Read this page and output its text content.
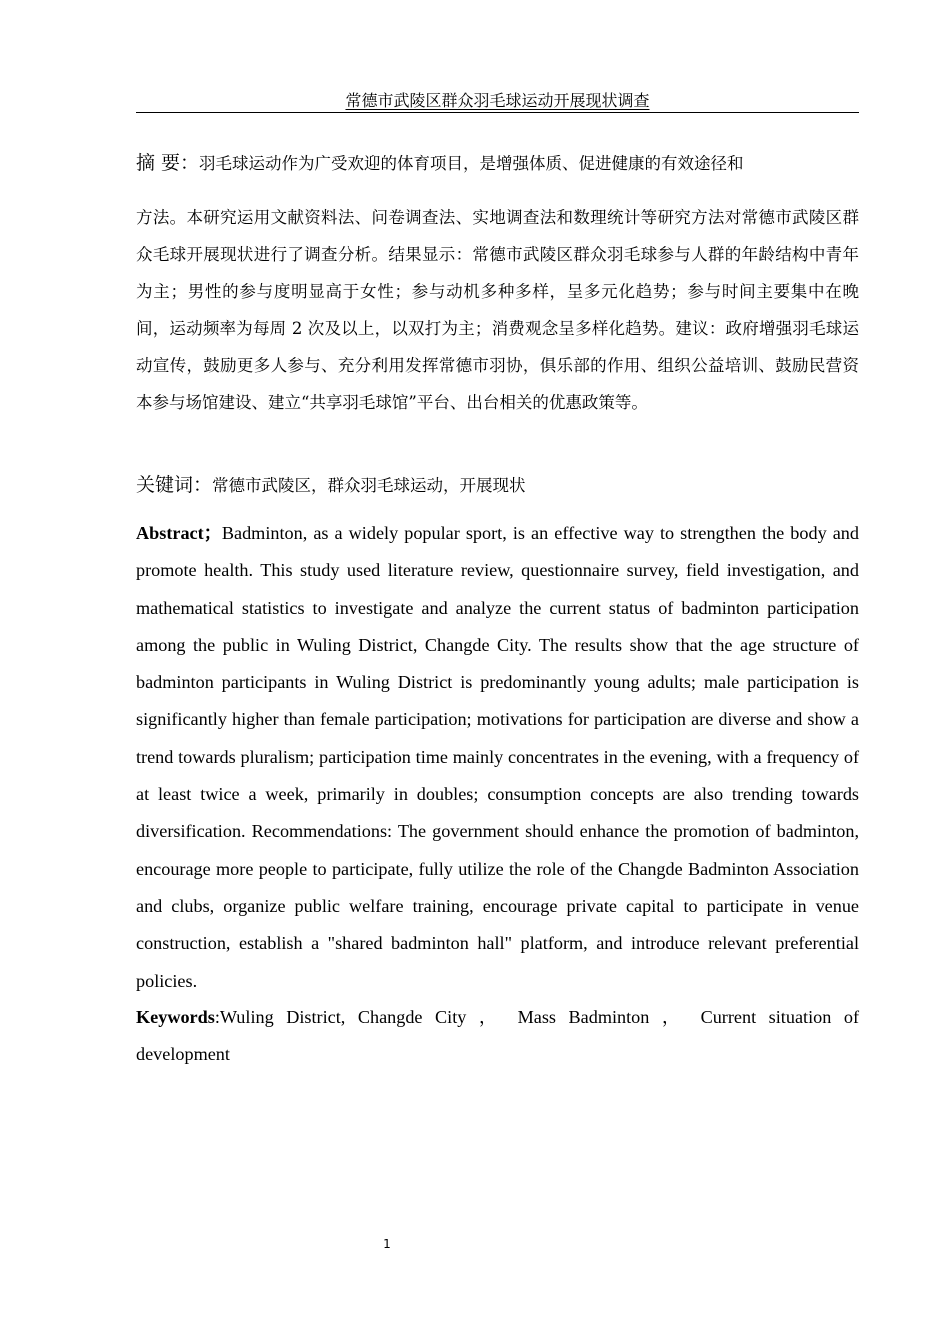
常德市武陵区群众羽毛球运动开展现状调查
摘 要：羽毛球运动作为广受欢迎的体育项目，是增强体质、促进健康的有效途径和
方法。本研究运用文献资料法、问卷调查法、实地调查法和数理统计等研究方法对常德市武陵区群众毛球开展现状进行了调查分析。结果显示：常德市武陵区群众羽毛球参与人群的年龄结构中青年为主；男性的参与度明显高于女性；参与动机多种多样，呈多元化趋势；参与时间主要集中在晚间，运动频率为每周 2 次及以上，以双打为主；消费观念呈多样化趋势。建议：政府增强羽毛球运动宣传，鼓励更多人参与、充分利用发挥常德市羽协，俱乐部的作用、组织公益培训、鼓励民营资本参与场馆建设、建立“共享羽毛球馆”平台、出台相关的优惠政策等。
关键词：常德市武陵区，群众羽毛球运动，开展现状
Abstract；Badminton, as a widely popular sport, is an effective way to strengthen the body and promote health. This study used literature review, questionnaire survey, field investigation, and mathematical statistics to investigate and analyze the current status of badminton participation among the public in Wuling District, Changde City. The results show that the age structure of badminton participants in Wuling District is predominantly young adults; male participation is significantly higher than female participation; motivations for participation are diverse and show a trend towards pluralism; participation time mainly concentrates in the evening, with a frequency of at least twice a week, primarily in doubles; consumption concepts are also trending towards diversification. Recommendations: The government should enhance the promotion of badminton, encourage more people to participate, fully utilize the role of the Changde Badminton Association and clubs, organize public welfare training, encourage private capital to participate in venue construction, establish a "shared badminton hall" platform, and introduce relevant preferential policies.
Keywords:Wuling District, Changde City ， Mass Badminton ， Current situation of development
1
